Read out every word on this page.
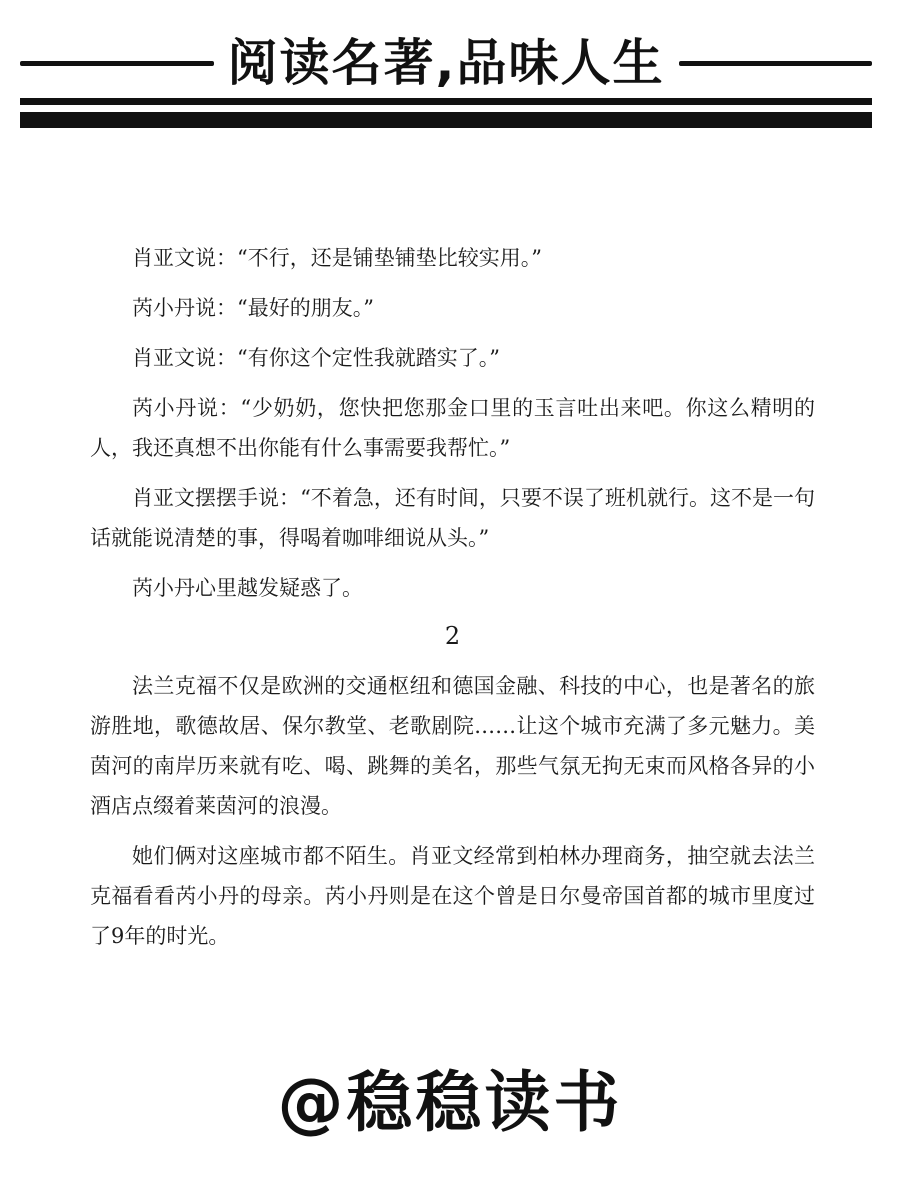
阅读名著,品味人生

肖亚文说：“不行，还是铺垫铺垫比较实用。”

芮小丹说：“最好的朋友。”

肖亚文说：“有你这个定性我就踏实了。”

芮小丹说：“少奶奶，您快把您那金口里的玉言吐出来吧。你这么精明的人，我还真想不出你能有什么事需要我帮忙。”

肖亚文摆摆手说：“不着急，还有时间，只要不误了班机就行。这不是一句话就能说清楚的事，得喝着咖啡细说从头。”

芮小丹心里越发疑惑了。

2

法兰克福不仅是欧洲的交通枢纽和德国金融、科技的中心，也是著名的旅游胜地，歌德故居、保尔教堂、老歌剧院……让这个城市充满了多元魅力。美茵河的南岸历来就有吃、喝、跳舞的美名，那些气氛无拘无束而风格各异的小酒店点缀着莱茵河的浪漫。

她们俩对这座城市都不陌生。肖亚文经常到柏林办理商务，抽空就去法兰克福看看芮小丹的母亲。芮小丹则是在这个曾是日尔曼帝国首都的城市里度过了9年的时光。

@稳稳读书
